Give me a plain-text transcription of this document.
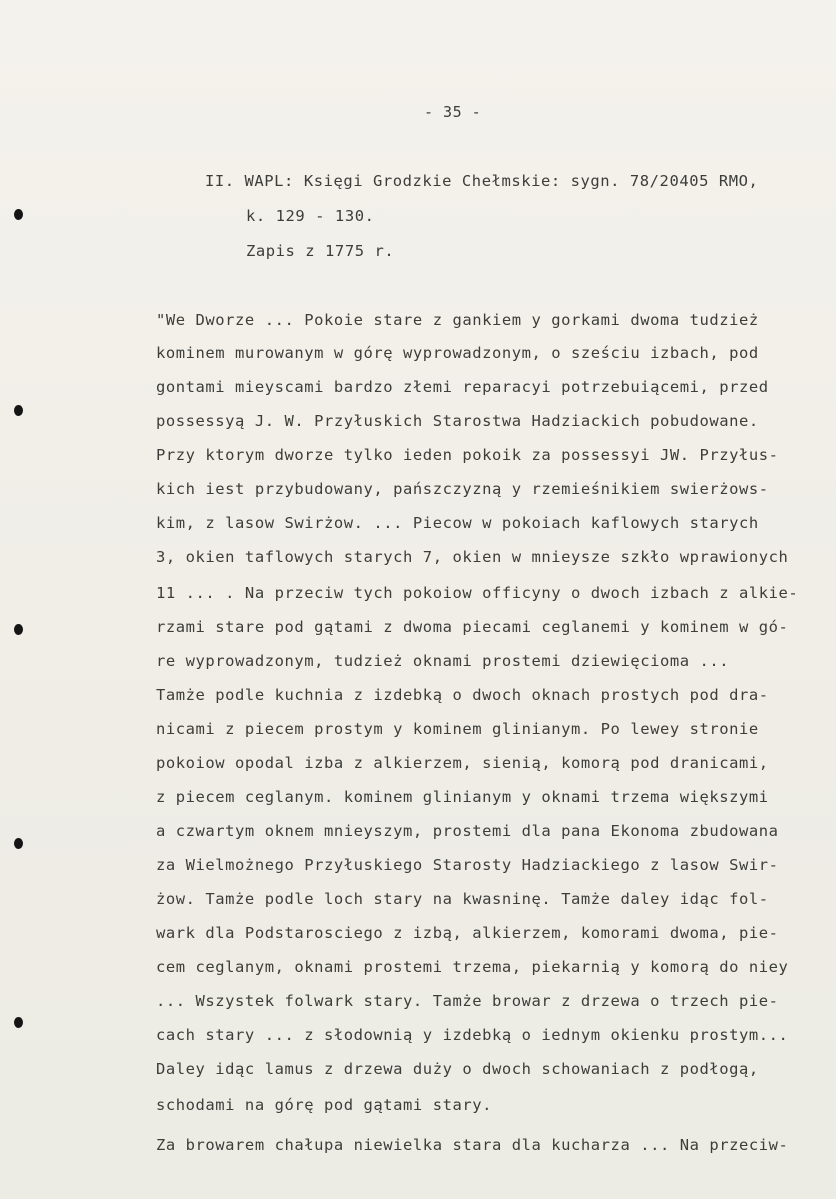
- 35 -
II. WAPL: Księgi Grodzkie Chełmskie: sygn. 78/20405 RMO,
k. 129 - 130.
Zapis z 1775 r.
"We Dworze ... Pokoie stare z gankiem y gorkami dwoma tudzież
kominem murowanym w górę wyprowadzonym, o sześciu izbach, pod
gontami mieyscami bardzo złemi reparacyi potrzebuiącemi, przed
possessyą J. W. Przyłuskich Starostwa Hadziackich pobudowane.
Przy ktorym dworze tylko ieden pokoik za possessyi JW. Przyłus-
kich iest przybudowany, pańszczyzną y rzemieśnikiem swierżows-
kim, z lasow Swirżow. ... Piecow w pokoiach kaflowych starych
3, okien taflowych starych 7, okien w mnieysze szkło wprawionych
11 ... . Na przeciw tych pokoiow officyny o dwoch izbach z alkie-
rzami stare pod gątami z dwoma piecami ceglanemi y kominem w gó-
re wyprowadzonym, tudzież oknami prostemi dziewięcioma ...
Tamże podle kuchnia z izdebką o dwoch oknach prostych pod dra-
nicami z piecem prostym y kominem glinianym. Po lewey stronie
pokoiow opodal izba z alkierzem, sienią, komorą pod dranicami,
z piecem ceglanym. kominem glinianym y oknami trzema większymi
a czwartym oknem mnieyszym, prostemi dla pana Ekonoma zbudowana
za Wielmożnego Przyłuskiego Starosty Hadziackiego z lasow Swir-
żow. Tamże podle loch stary na kwasninę. Tamże daley idąc fol-
wark dla Podstarosciego z izbą, alkierzem, komorami dwoma, pie-
cem ceglanym, oknami prostemi trzema, piekarnią y komorą do niey
... Wszystek folwark stary. Tamże browar z drzewa o trzech pie-
cach stary ... z słodownią y izdebką o iednym okienku prostym...
Daley idąc lamus z drzewa duży o dwoch schowaniach z podłogą,
schodami na górę pod gątami stary.
Za browarem chałupa niewielka stara dla kucharza ... Na przeciw-
